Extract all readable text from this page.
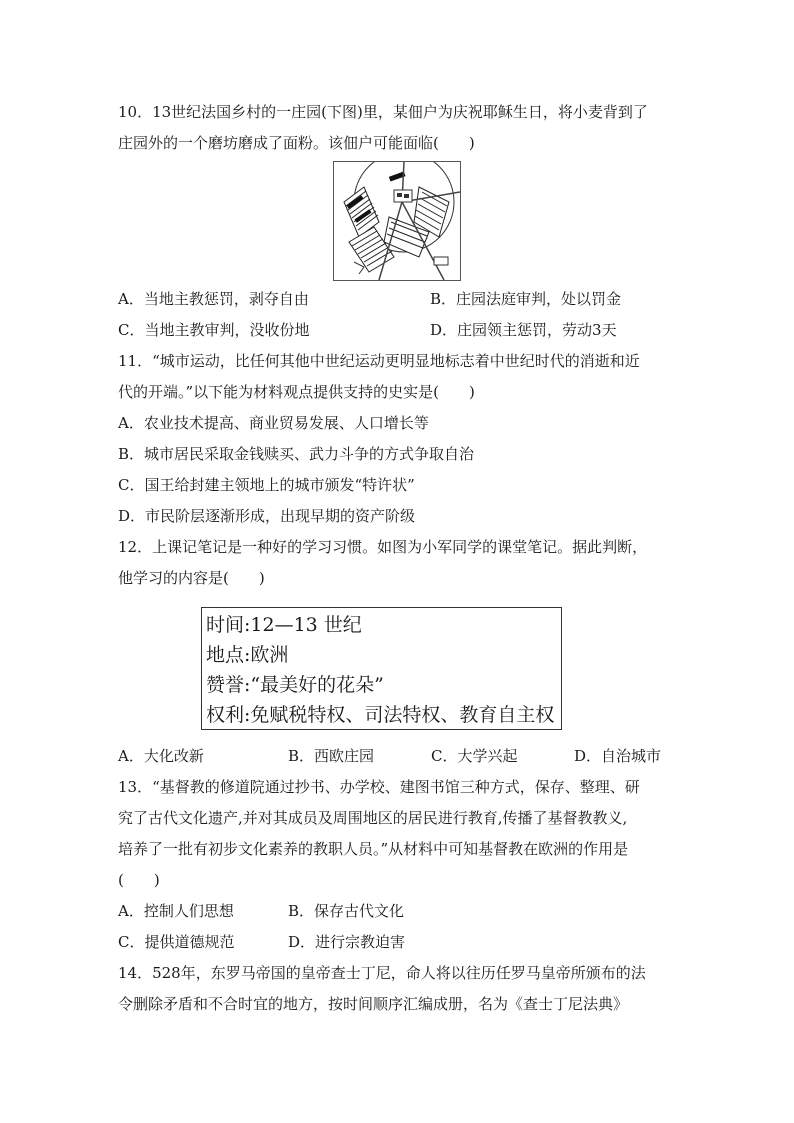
10．13世纪法国乡村的一庄园(下图)里，某佃户为庆祝耶稣生日，将小麦背到了
庄园外的一个磨坊磨成了面粉。该佃户可能面临(　　)
A．当地主教惩罚，剥夺自由	B．庄园法庭审判，处以罚金
C．当地主教审判，没收份地	D．庄园领主惩罚，劳动3天
11．“城市运动，比任何其他中世纪运动更明显地标志着中世纪时代的消逝和近
代的开端。”以下能为材料观点提供支持的史实是(　　)
A．农业技术提高、商业贸易发展、人口增长等
B．城市居民采取金钱赎买、武力斗争的方式争取自治
C．国王给封建主领地上的城市颁发“特许状”
D．市民阶层逐渐形成，出现早期的资产阶级
12．上课记笔记是一种好的学习习惯。如图为小军同学的课堂笔记。据此判断，
他学习的内容是(　　)
时间:12—13 世纪
地点:欧洲
赞誉:“最美好的花朵”
权利:免赋税特权、司法特权、教育自主权
A．大化改新	B．西欧庄园	C．大学兴起	D．自治城市
13．“基督教的修道院通过抄书、办学校、建图书馆三种方式，保存、整理、研
究了古代文化遗产,并对其成员及周围地区的居民进行教育,传播了基督教教义,
培养了一批有初步文化素养的教职人员。”从材料中可知基督教在欧洲的作用是
(　　)
A．控制人们思想	B．保存古代文化
C．提供道德规范	D．进行宗教迫害
14．528年，东罗马帝国的皇帝查士丁尼，命人将以往历任罗马皇帝所颁布的法
令删除矛盾和不合时宜的地方，按时间顺序汇编成册，名为《查士丁尼法典》
